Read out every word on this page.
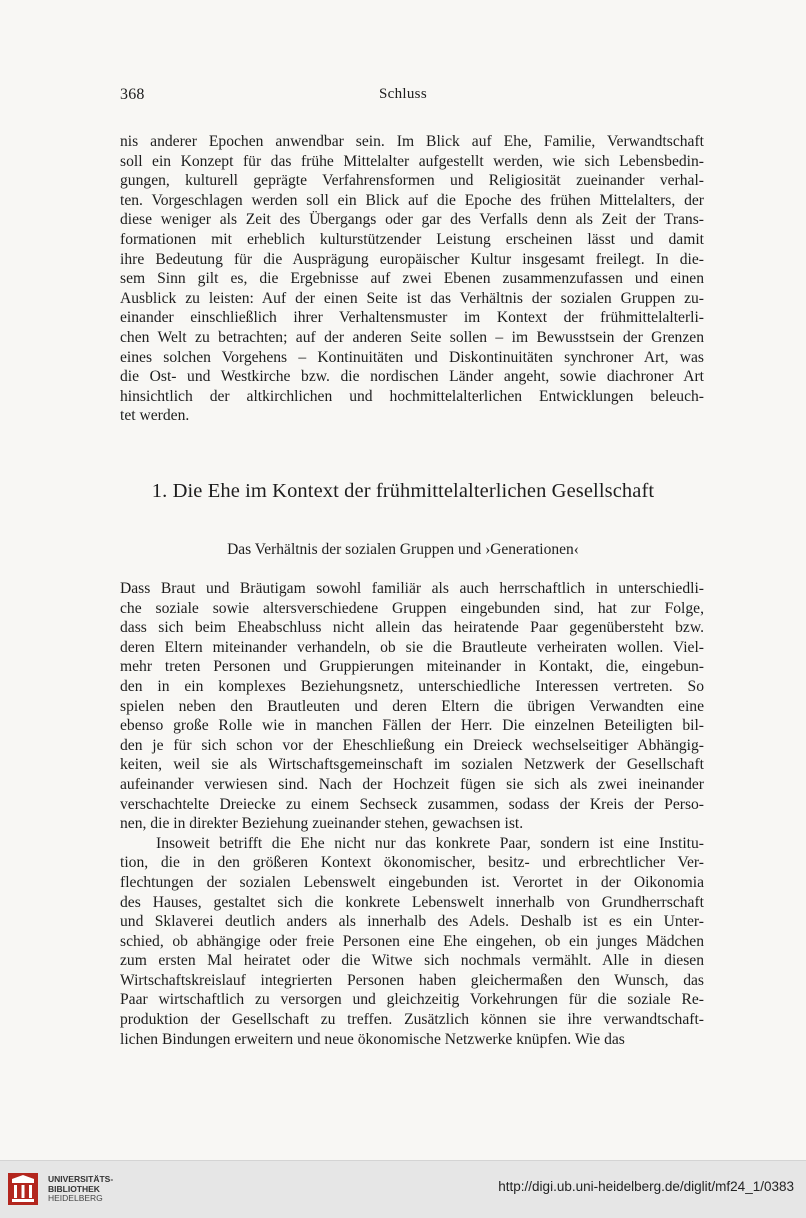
368	Schluss
nis anderer Epochen anwendbar sein. Im Blick auf Ehe, Familie, Verwandtschaft
soll ein Konzept für das frühe Mittelalter aufgestellt werden, wie sich Lebensbedin-
gungen, kulturell geprägte Verfahrensformen und Religiosität zueinander verhal-
ten. Vorgeschlagen werden soll ein Blick auf die Epoche des frühen Mittelalters, der
diese weniger als Zeit des Übergangs oder gar des Verfalls denn als Zeit der Trans-
formationen mit erheblich kulturstützender Leistung erscheinen lässt und damit
ihre Bedeutung für die Ausprägung europäischer Kultur insgesamt freilegt. In die-
sem Sinn gilt es, die Ergebnisse auf zwei Ebenen zusammenzufassen und einen
Ausblick zu leisten: Auf der einen Seite ist das Verhältnis der sozialen Gruppen zu-
einander einschließlich ihrer Verhaltensmuster im Kontext der frühmittelalterli-
chen Welt zu betrachten; auf der anderen Seite sollen – im Bewusstsein der Grenzen
eines solchen Vorgehens – Kontinuitäten und Diskontinuitäten synchroner Art, was
die Ost- und Westkirche bzw. die nordischen Länder angeht, sowie diachroner Art
hinsichtlich der altkirchlichen und hochmittelalterlichen Entwicklungen beleuch-
tet werden.
1. Die Ehe im Kontext der frühmittelalterlichen Gesellschaft
Das Verhältnis der sozialen Gruppen und ›Generationen‹
Dass Braut und Bräutigam sowohl familiär als auch herrschaftlich in unterschiedli-
che soziale sowie altersverschiedene Gruppen eingebunden sind, hat zur Folge,
dass sich beim Eheabschluss nicht allein das heiratende Paar gegenübersteht bzw.
deren Eltern miteinander verhandeln, ob sie die Brautleute verheiraten wollen. Viel-
mehr treten Personen und Gruppierungen miteinander in Kontakt, die, eingebun-
den in ein komplexes Beziehungsnetz, unterschiedliche Interessen vertreten. So
spielen neben den Brautleuten und deren Eltern die übrigen Verwandten eine
ebenso große Rolle wie in manchen Fällen der Herr. Die einzelnen Beteiligten bil-
den je für sich schon vor der Eheschließung ein Dreieck wechselseitiger Abhängig-
keiten, weil sie als Wirtschaftsgemeinschaft im sozialen Netzwerk der Gesellschaft
aufeinander verwiesen sind. Nach der Hochzeit fügen sie sich als zwei ineinander
verschachtelte Dreiecke zu einem Sechseck zusammen, sodass der Kreis der Perso-
nen, die in direkter Beziehung zueinander stehen, gewachsen ist.
Insoweit betrifft die Ehe nicht nur das konkrete Paar, sondern ist eine Institu-
tion, die in den größeren Kontext ökonomischer, besitz- und erbrechtlicher Ver-
flechtungen der sozialen Lebenswelt eingebunden ist. Verortet in der Oikonomia
des Hauses, gestaltet sich die konkrete Lebenswelt innerhalb von Grundherrschaft
und Sklaverei deutlich anders als innerhalb des Adels. Deshalb ist es ein Unter-
schied, ob abhängige oder freie Personen eine Ehe eingehen, ob ein junges Mädchen
zum ersten Mal heiratet oder die Witwe sich nochmals vermählt. Alle in diesen
Wirtschaftskreislauf integrierten Personen haben gleichermaßen den Wunsch, das
Paar wirtschaftlich zu versorgen und gleichzeitig Vorkehrungen für die soziale Re-
produktion der Gesellschaft zu treffen. Zusätzlich können sie ihre verwandtschaft-
lichen Bindungen erweitern und neue ökonomische Netzwerke knüpfen. Wie das
UNIVERSITÄTS-
BIBLIOTHEK
HEIDELBERG
http://digi.ub.uni-heidelberg.de/diglit/mf24_1/0383
